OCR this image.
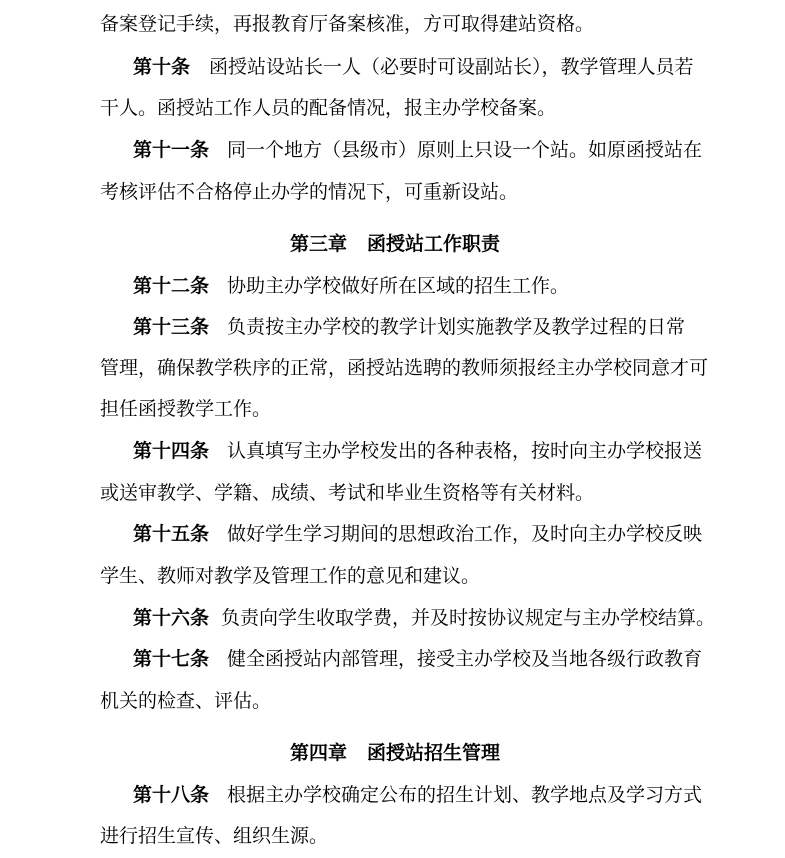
备案登记手续，再报教育厅备案核准，方可取得建站资格。
第十条 函授站设站长一人（必要时可设副站长），教学管理人员若
干人。函授站工作人员的配备情况，报主办学校备案。
第十一条 同一个地方（县级市）原则上只设一个站。如原函授站在
考核评估不合格停止办学的情况下，可重新设站。
第三章 函授站工作职责
第十二条 协助主办学校做好所在区域的招生工作。
第十三条 负责按主办学校的教学计划实施教学及教学过程的日常
管理，确保教学秩序的正常，函授站选聘的教师须报经主办学校同意才可
担任函授教学工作。
第十四条 认真填写主办学校发出的各种表格，按时向主办学校报送
或送审教学、学籍、成绩、考试和毕业生资格等有关材料。
第十五条 做好学生学习期间的思想政治工作，及时向主办学校反映
学生、教师对教学及管理工作的意见和建议。
第十六条 负责向学生收取学费，并及时按协议规定与主办学校结算。
第十七条 健全函授站内部管理，接受主办学校及当地各级行政教育
机关的检查、评估。
第四章 函授站招生管理
第十八条 根据主办学校确定公布的招生计划、教学地点及学习方式
进行招生宣传、组织生源。
